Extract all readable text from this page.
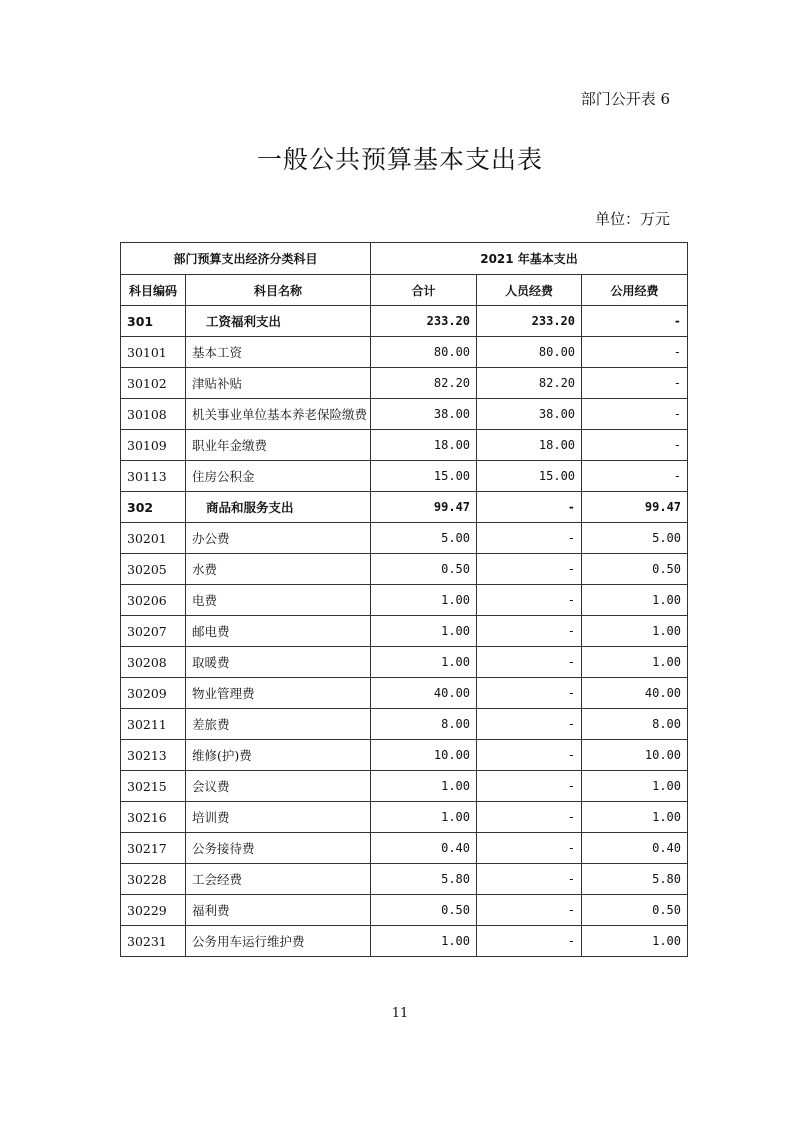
部门公开表 6
一般公共预算基本支出表
单位：万元
部门预算支出经济分类科目		2021 年基本支出		
科目编码	科目名称	合计	人员经费	公用经费
301	工资福利支出	233.20	233.20	-
30101	基本工资	80.00	80.00	-
30102	津贴补贴	82.20	82.20	-
30108	机关事业单位基本养老保险缴费	38.00	38.00	-
30109	职业年金缴费	18.00	18.00	-
30113	住房公积金	15.00	15.00	-
302	商品和服务支出	99.47	-	99.47
30201	办公费	5.00	-	5.00
30205	水费	0.50	-	0.50
30206	电费	1.00	-	1.00
30207	邮电费	1.00	-	1.00
30208	取暖费	1.00	-	1.00
30209	物业管理费	40.00	-	40.00
30211	差旅费	8.00	-	8.00
30213	维修(护)费	10.00	-	10.00
30215	会议费	1.00	-	1.00
30216	培训费	1.00	-	1.00
30217	公务接待费	0.40	-	0.40
30228	工会经费	5.80	-	5.80
30229	福利费	0.50	-	0.50
30231	公务用车运行维护费	1.00	-	1.00
11
